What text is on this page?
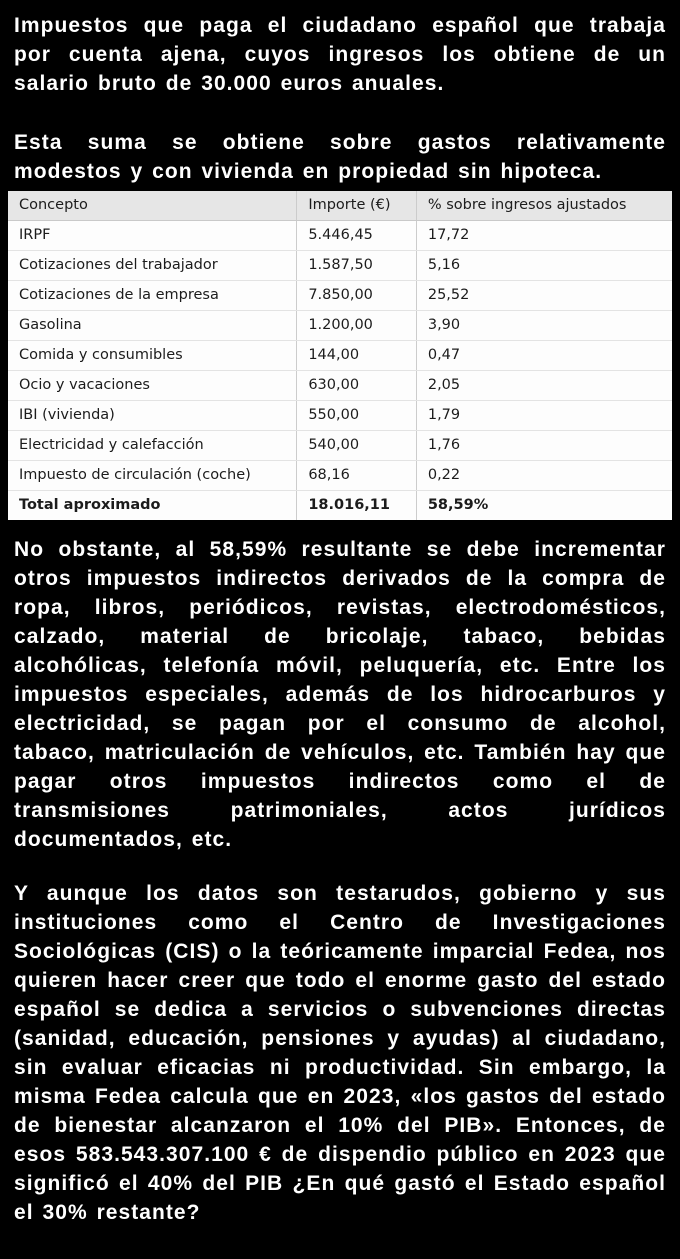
Impuestos que paga el ciudadano español que trabaja por cuenta ajena, cuyos ingresos los obtiene de un salario bruto de 30.000 euros anuales.

Esta suma se obtiene sobre gastos relativamente modestos y con vivienda en propiedad sin hipoteca.

Concepto	Importe (€)	% sobre ingresos ajustados
IRPF	5.446,45	17,72
Cotizaciones del trabajador	1.587,50	5,16
Cotizaciones de la empresa	7.850,00	25,52
Gasolina	1.200,00	3,90
Comida y consumibles	144,00	0,47
Ocio y vacaciones	630,00	2,05
IBI (vivienda)	550,00	1,79
Electricidad y calefacción	540,00	1,76
Impuesto de circulación (coche)	68,16	0,22
Total aproximado	18.016,11	58,59%

No obstante, al 58,59% resultante se debe incrementar otros impuestos indirectos derivados de la compra de ropa, libros, periódicos, revistas, electrodomésticos, calzado, material de bricolaje, tabaco, bebidas alcohólicas, telefonía móvil, peluquería, etc. Entre los impuestos especiales, además de los hidrocarburos y electricidad, se pagan por el consumo de alcohol, tabaco, matriculación de vehículos, etc. También hay que pagar otros impuestos indirectos como el de transmisiones patrimoniales, actos jurídicos documentados, etc.

Y aunque los datos son testarudos, gobierno y sus instituciones como el Centro de Investigaciones Sociológicas (CIS) o la teóricamente imparcial Fedea, nos quieren hacer creer que todo el enorme gasto del estado español se dedica a servicios o subvenciones directas (sanidad, educación, pensiones y ayudas) al ciudadano, sin evaluar eficacias ni productividad. Sin embargo, la misma Fedea calcula que en 2023, «los gastos del estado de bienestar alcanzaron el 10% del PIB». Entonces, de esos 583.543.307.100 € de dispendio público en 2023 que significó el 40% del PIB ¿En qué gastó el Estado español el 30% restante?
